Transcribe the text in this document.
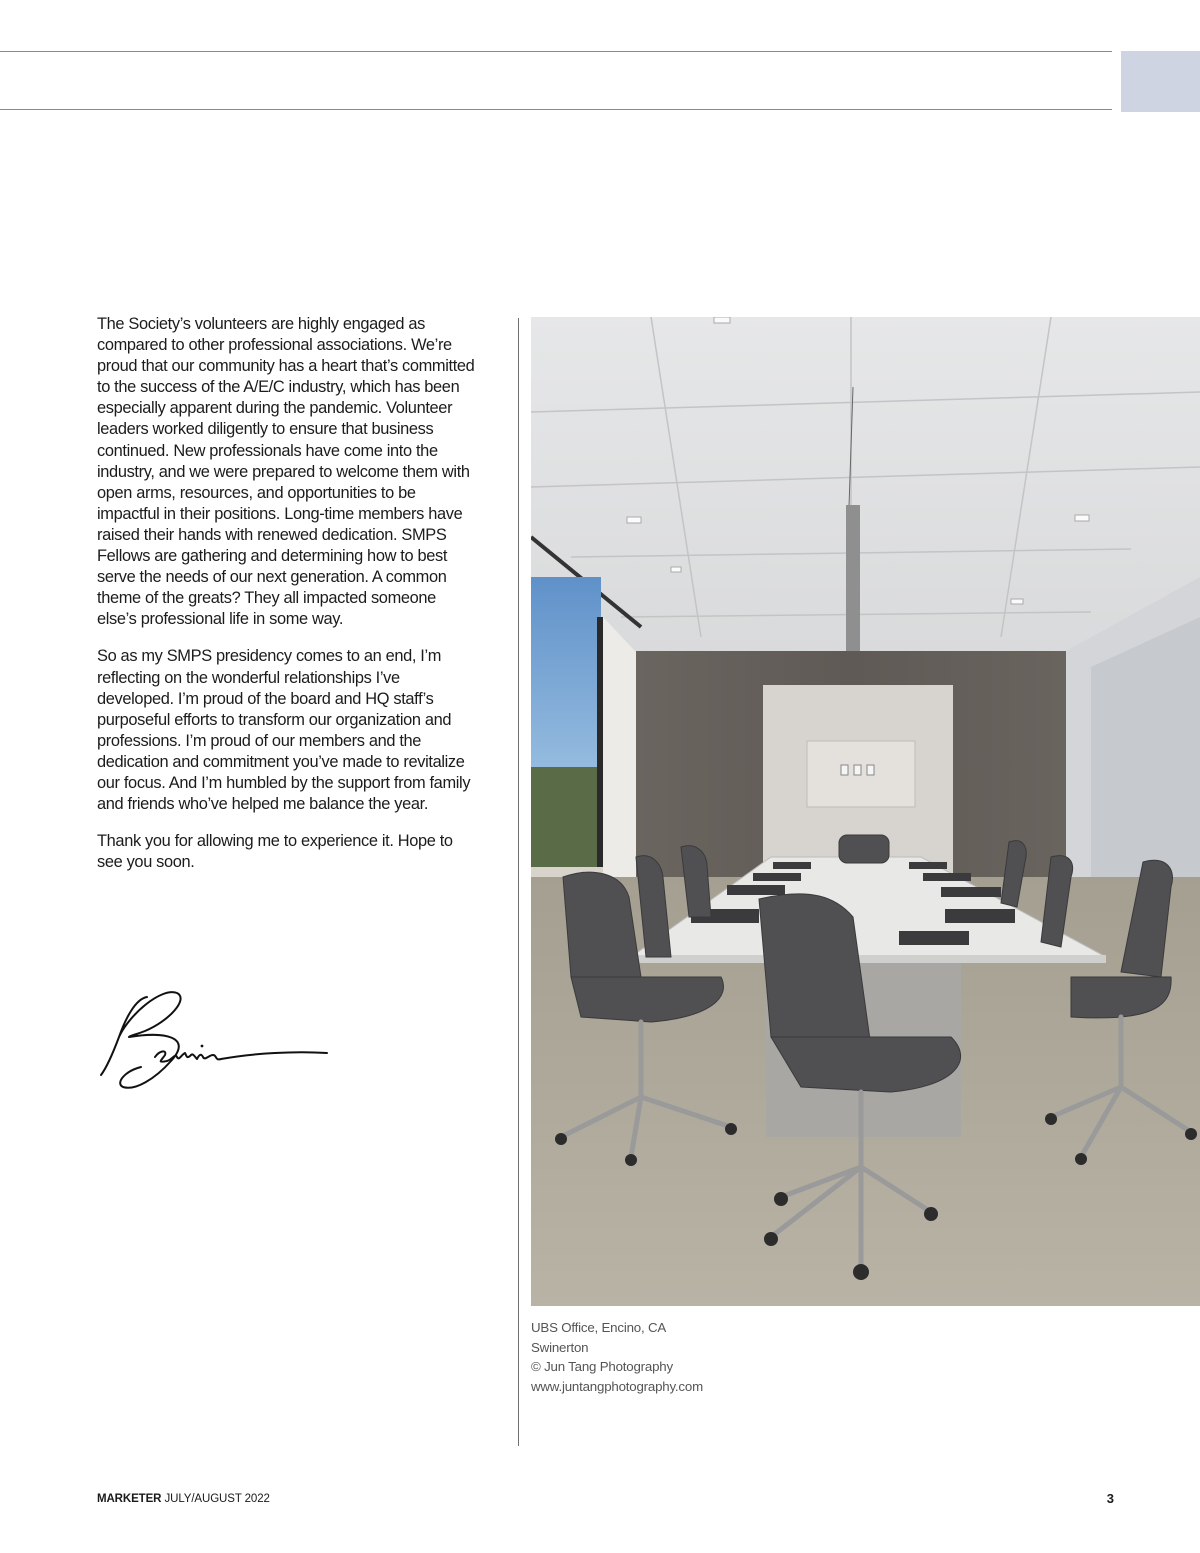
The Society’s volunteers are highly engaged as compared to other professional associations. We’re proud that our community has a heart that’s committed to the success of the A/E/C industry, which has been especially apparent during the pandemic. Volunteer leaders worked diligently to ensure that business continued. New professionals have come into the industry, and we were prepared to welcome them with open arms, resources, and opportunities to be impactful in their positions. Long-time members have raised their hands with renewed dedication. SMPS Fellows are gathering and determining how to best serve the needs of our next generation. A common theme of the greats? They all impacted someone else’s professional life in some way.

So as my SMPS presidency comes to an end, I’m reflecting on the wonderful relationships I’ve developed. I’m proud of the board and HQ staff’s purposeful efforts to transform our organization and professions. I’m proud of our members and the dedication and commitment you’ve made to revitalize our focus. And I’m humbled by the support from family and friends who’ve helped me balance the year.

Thank you for allowing me to experience it. Hope to see you soon.

UBS Office, Encino, CA
Swinerton
© Jun Tang Photography
www.juntangphotography.com
MARKETER JULY/AUGUST 2022	3
